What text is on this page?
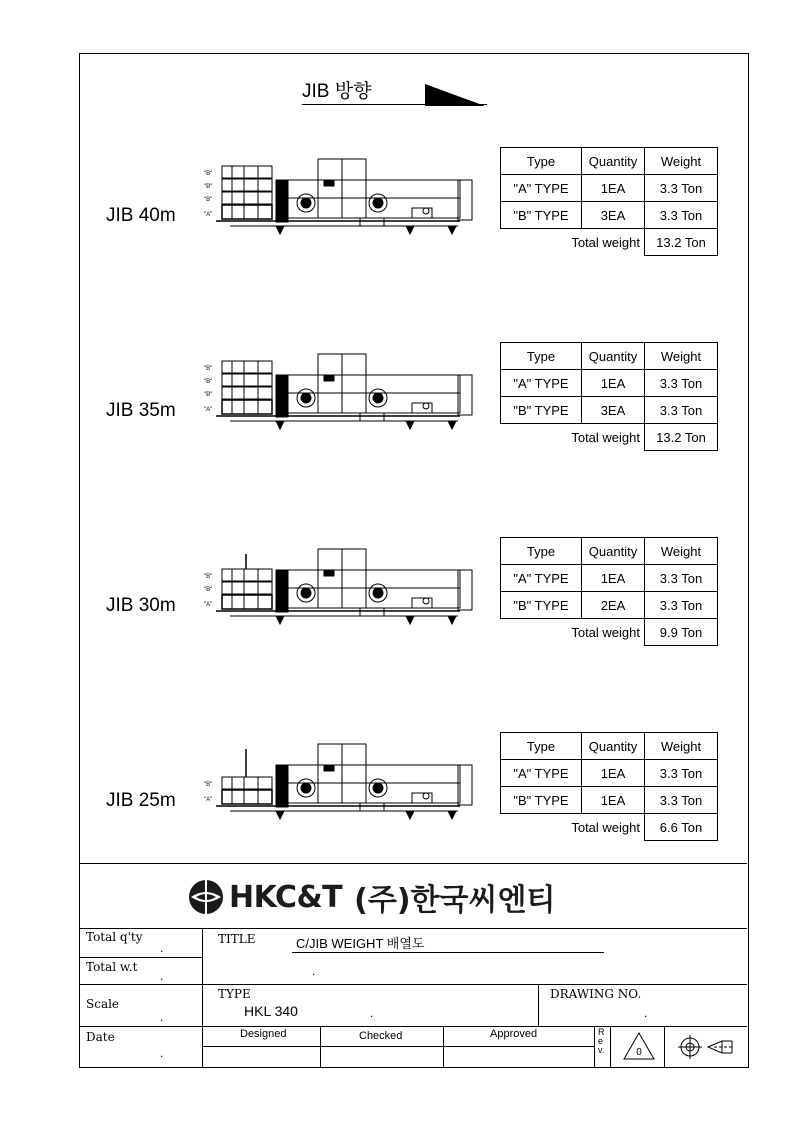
JIB 방향
JIB 40m
"B"
"B"
"B"
"A"
Type	Quantity	Weight
"A" TYPE	1EA	3.3 Ton
"B" TYPE	3EA	3.3 Ton
Total weight		13.2 Ton
JIB 35m
"B"
"B"
"B"
"A"
Type	Quantity	Weight
"A" TYPE	1EA	3.3 Ton
"B" TYPE	3EA	3.3 Ton
Total weight		13.2 Ton
JIB 30m
"B"
"B"
"A"
Type	Quantity	Weight
"A" TYPE	1EA	3.3 Ton
"B" TYPE	2EA	3.3 Ton
Total weight		9.9 Ton
JIB 25m
"B"
"A"
Type	Quantity	Weight
"A" TYPE	1EA	3.3 Ton
"B" TYPE	1EA	3.3 Ton
Total weight		6.6 Ton
HKC&T (주)한국씨엔티
Total q'ty
.
Total w.t
.
Scale
.
Date
.
TITLE	C/JIB WEIGHT 배열도
.
TYPE
HKL 340	.
DRAWING NO.
.
Designed	Checked	Approved	R e v.	0
